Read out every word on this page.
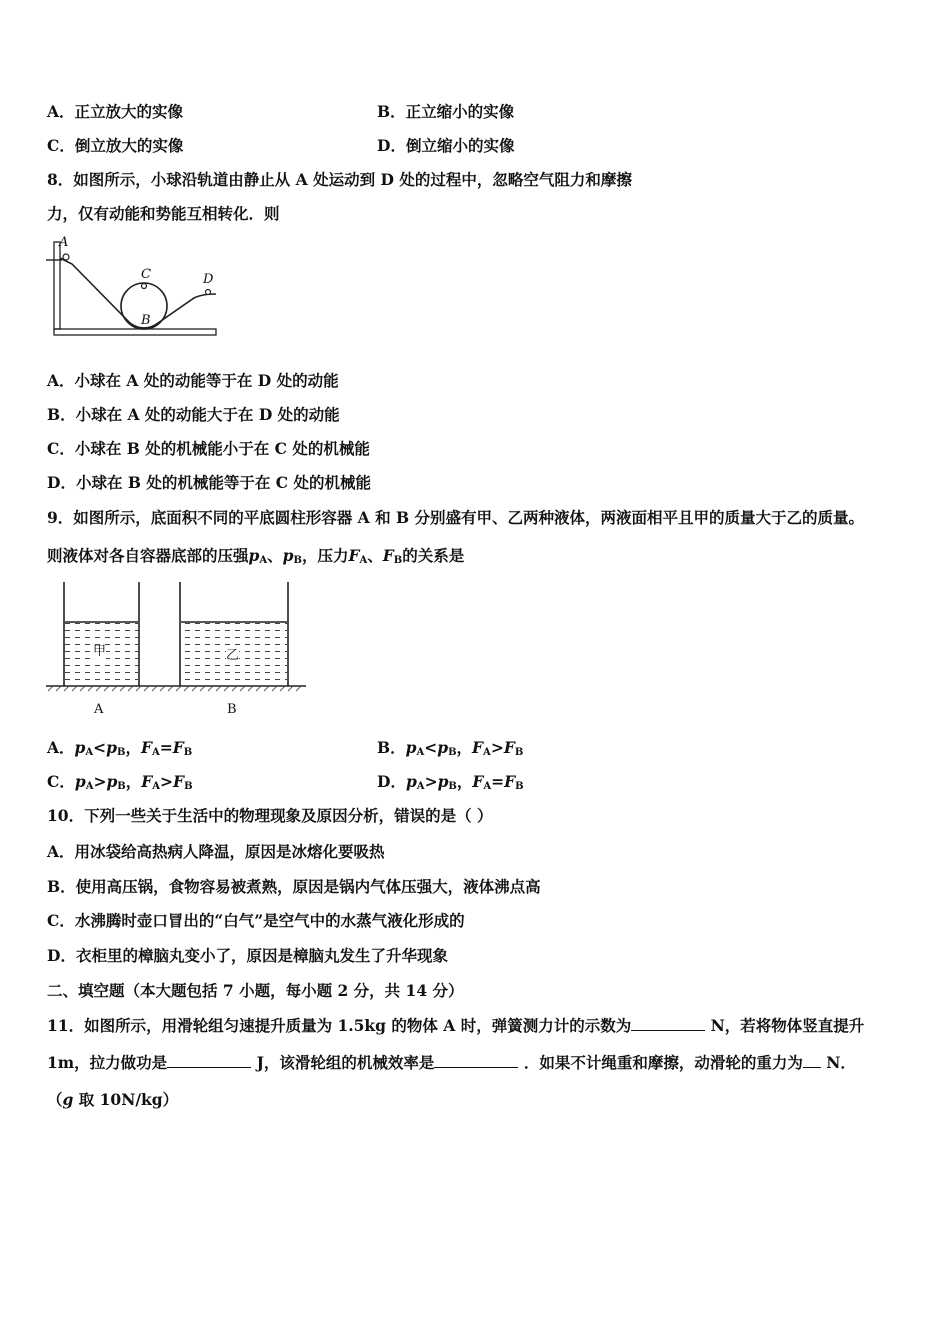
A．正立放大的实像	B．正立缩小的实像
C．倒立放大的实像	D．倒立缩小的实像
8．如图所示，小球沿轨道由静止从 A 处运动到 D 处的过程中，忽略空气阻力和摩擦
力，仅有动能和势能互相转化．则
A
C	D
B
A．小球在 A 处的动能等于在 D 处的动能
B．小球在 A 处的动能大于在 D 处的动能
C．小球在 B 处的机械能小于在 C 处的机械能
D．小球在 B 处的机械能等于在 C 处的机械能
9．如图所示，底面积不同的平底圆柱形容器 A 和 B 分别盛有甲、乙两种液体，两液面相平且甲的质量大于乙的质量。
则液体对各自容器底部的压强$p_A$、$p_B$，压力$F_A$、$F_B$的关系是
甲	乙
A	B
A．$p_A<p_B$，$F_A=F_B$	B．$p_A<p_B$，$F_A>F_B$
C．$p_A>p_B$，$F_A>F_B$	D．$p_A>p_B$，$F_A=F_B$
10．下列一些关于生活中的物理现象及原因分析，错误的是（ ）
A．用冰袋给高热病人降温，原因是冰熔化要吸热
B．使用高压锅，食物容易被煮熟，原因是锅内气体压强大，液体沸点高
C．水沸腾时壶口冒出的“白气”是空气中的水蒸气液化形成的
D．衣柜里的樟脑丸变小了，原因是樟脑丸发生了升华现象
二、填空题（本大题包括 7 小题，每小题 2 分，共 14 分）
11．如图所示，用滑轮组匀速提升质量为 1.5kg 的物体 A 时，弹簧测力计的示数为	N，若将物体竖直提升
1m，拉力做功是	J，该滑轮组的机械效率是	．如果不计绳重和摩擦，动滑轮的重力为 N．
（g 取 10N/kg）
